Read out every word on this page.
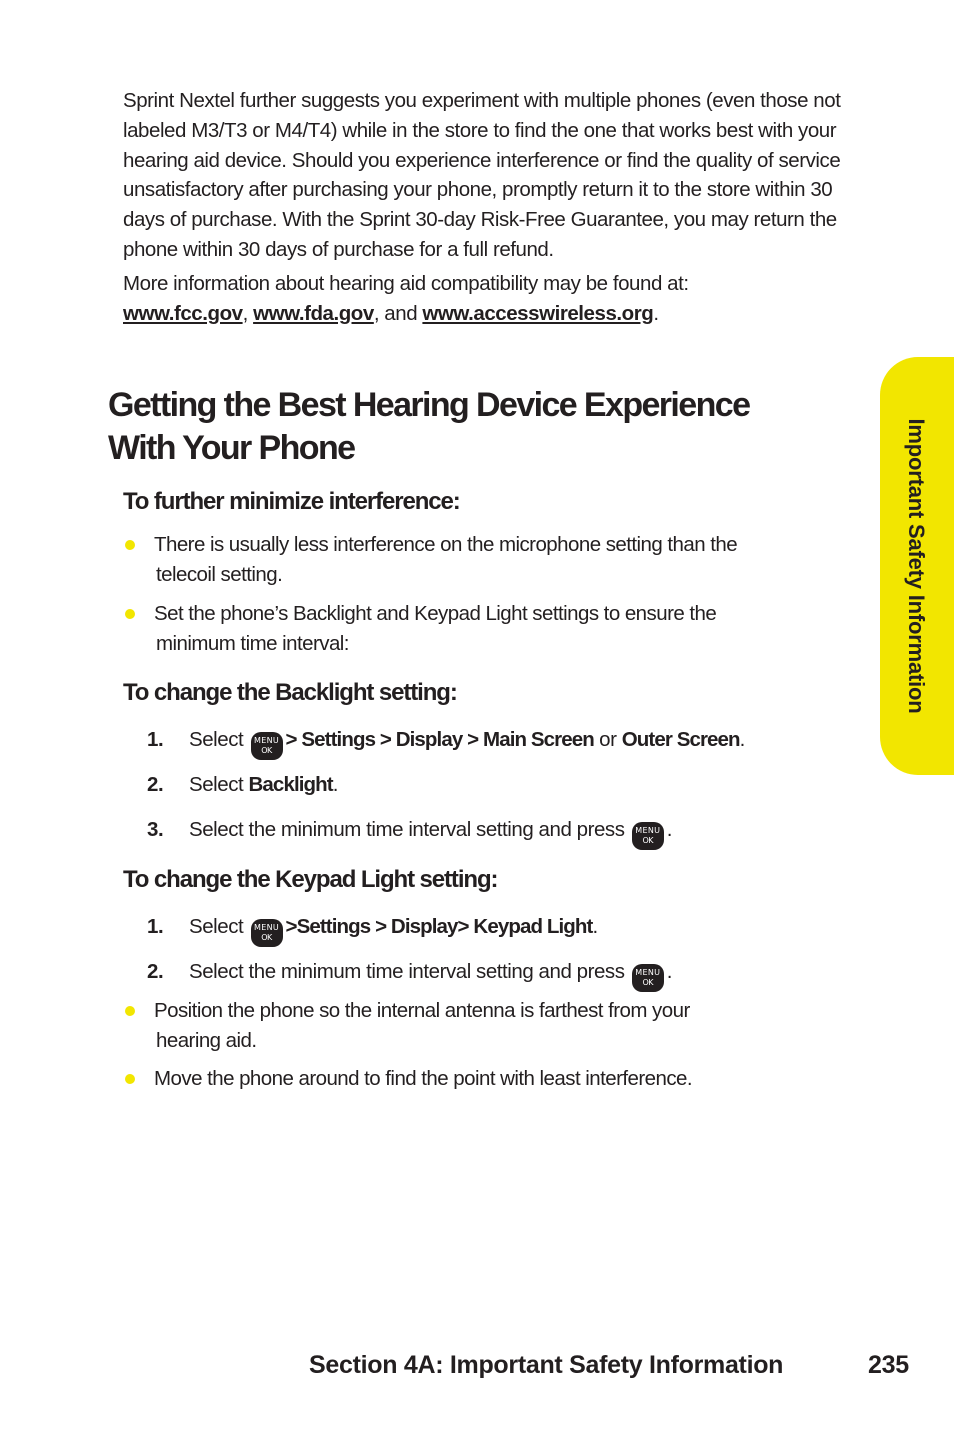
Sprint Nextel further suggests you experiment with multiple phones (even those not labeled M3/T3 or M4/T4) while in the store to find the one that works best with your hearing aid device. Should you experience interference or find the quality of service unsatisfactory after purchasing your phone, promptly return it to the store within 30 days of purchase. With the Sprint 30-day Risk-Free Guarantee, you may return the phone within 30 days of purchase for a full refund.

More information about hearing aid compatibility may be found at:
www.fcc.gov, www.fda.gov, and www.accesswireless.org.

Getting the Best Hearing Device Experience
With Your Phone
To further minimize interference:
There is usually less interference on the microphone setting than the
telecoil setting.
Set the phone’s Backlight and Keypad Light settings to ensure the
minimum time interval:
To change the Backlight setting:
1. Select	MENU
OK > Settings > Display > Main Screen or Outer Screen.
2. Select Backlight.
3. Select the minimum time interval setting and press	MENU
OK .
To change the Keypad Light setting:
1. Select	MENU
OK >Settings > Display> Keypad Light.
2. Select the minimum time interval setting and press	MENU
OK .
Position the phone so the internal antenna is farthest from your
hearing aid.
Move the phone around to find the point with least interference.
Important Safety Information
Section 4A: Important Safety Information	235
